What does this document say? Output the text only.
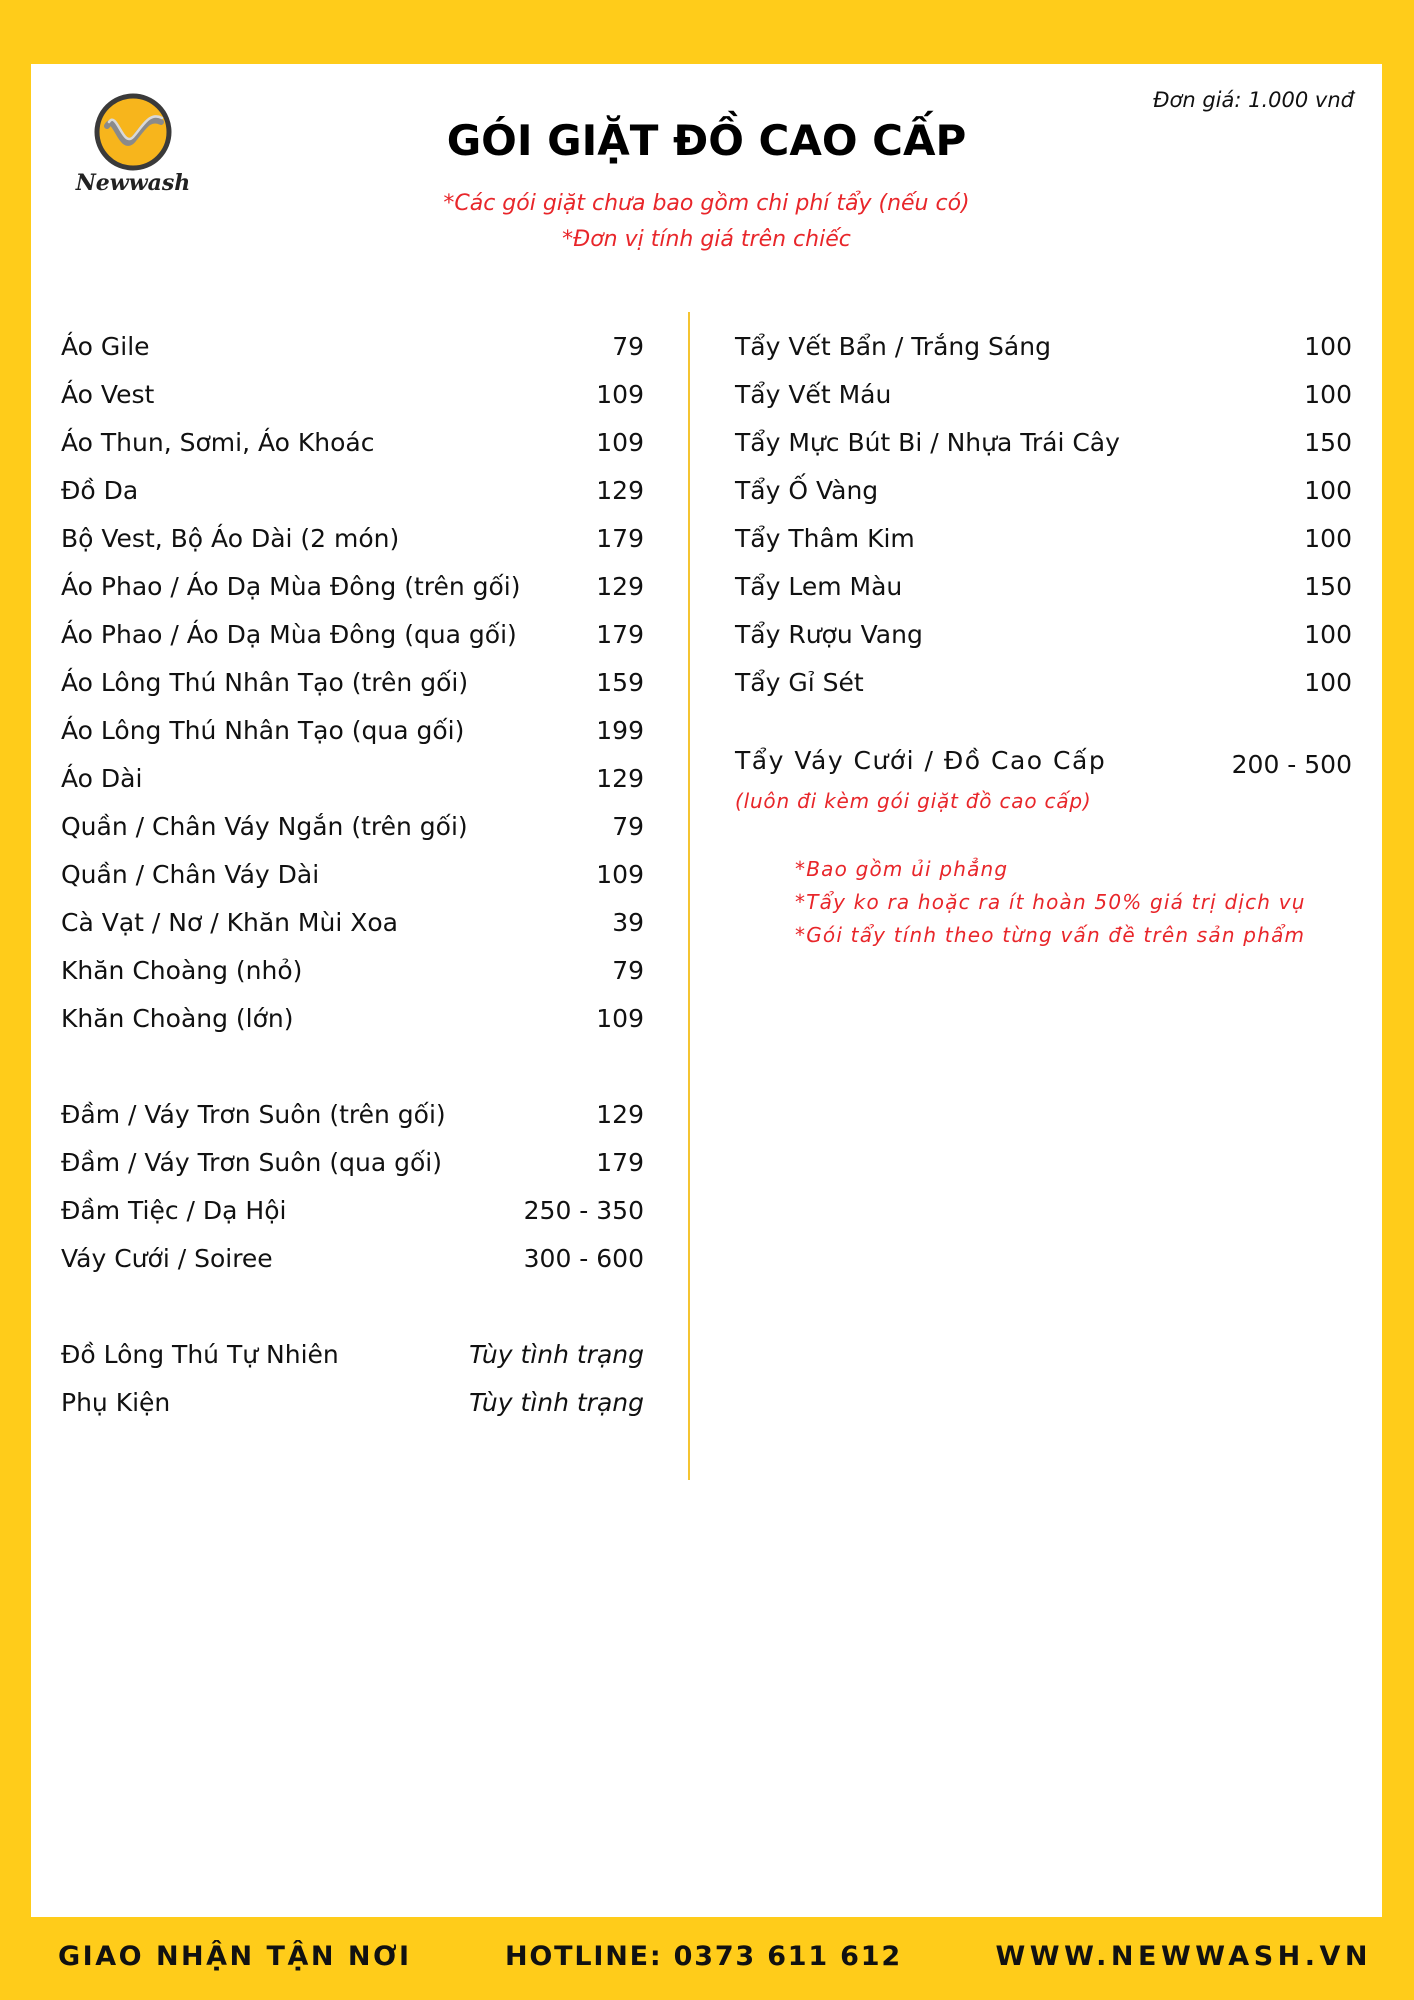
Newwash
Đơn giá: 1.000 vnđ
GÓI GIẶT ĐỒ CAO CẤP
*Các gói giặt chưa bao gồm chi phí tẩy (nếu có)
*Đơn vị tính giá trên chiếc
Áo Gile	79
Áo Vest	109
Áo Thun, Sơmi, Áo Khoác	109
Đồ Da	129
Bộ Vest, Bộ Áo Dài (2 món)	179
Áo Phao / Áo Dạ Mùa Đông (trên gối)	129
Áo Phao / Áo Dạ Mùa Đông (qua gối)	179
Áo Lông Thú Nhân Tạo (trên gối)	159
Áo Lông Thú Nhân Tạo (qua gối)	199
Áo Dài	129
Quần / Chân Váy Ngắn (trên gối)	79
Quần / Chân Váy Dài	109
Cà Vạt / Nơ / Khăn Mùi Xoa	39
Khăn Choàng (nhỏ)	79
Khăn Choàng (lớn)	109
Đầm / Váy Trơn Suôn (trên gối)	129
Đầm / Váy Trơn Suôn (qua gối)	179
Đầm Tiệc / Dạ Hội	250 - 350
Váy Cưới / Soiree	300 - 600
Đồ Lông Thú Tự Nhiên	Tùy tình trạng
Phụ Kiện	Tùy tình trạng
Tẩy Vết Bẩn / Trắng Sáng	100
Tẩy Vết Máu	100
Tẩy Mực Bút Bi / Nhựa Trái Cây	150
Tẩy Ố Vàng	100
Tẩy Thâm Kim	100
Tẩy Lem Màu	150
Tẩy Rượu Vang	100
Tẩy Gỉ Sét	100
Tẩy Váy Cưới / Đồ Cao Cấp	200 - 500
(luôn đi kèm gói giặt đồ cao cấp)
*Bao gồm ủi phẳng
*Tẩy ko ra hoặc ra ít hoàn 50% giá trị dịch vụ
*Gói tẩy tính theo từng vấn đề trên sản phẩm
GIAO NHẬN TẬN NƠI	HOTLINE: 0373 611 612	WWW.NEWWASH.VN
